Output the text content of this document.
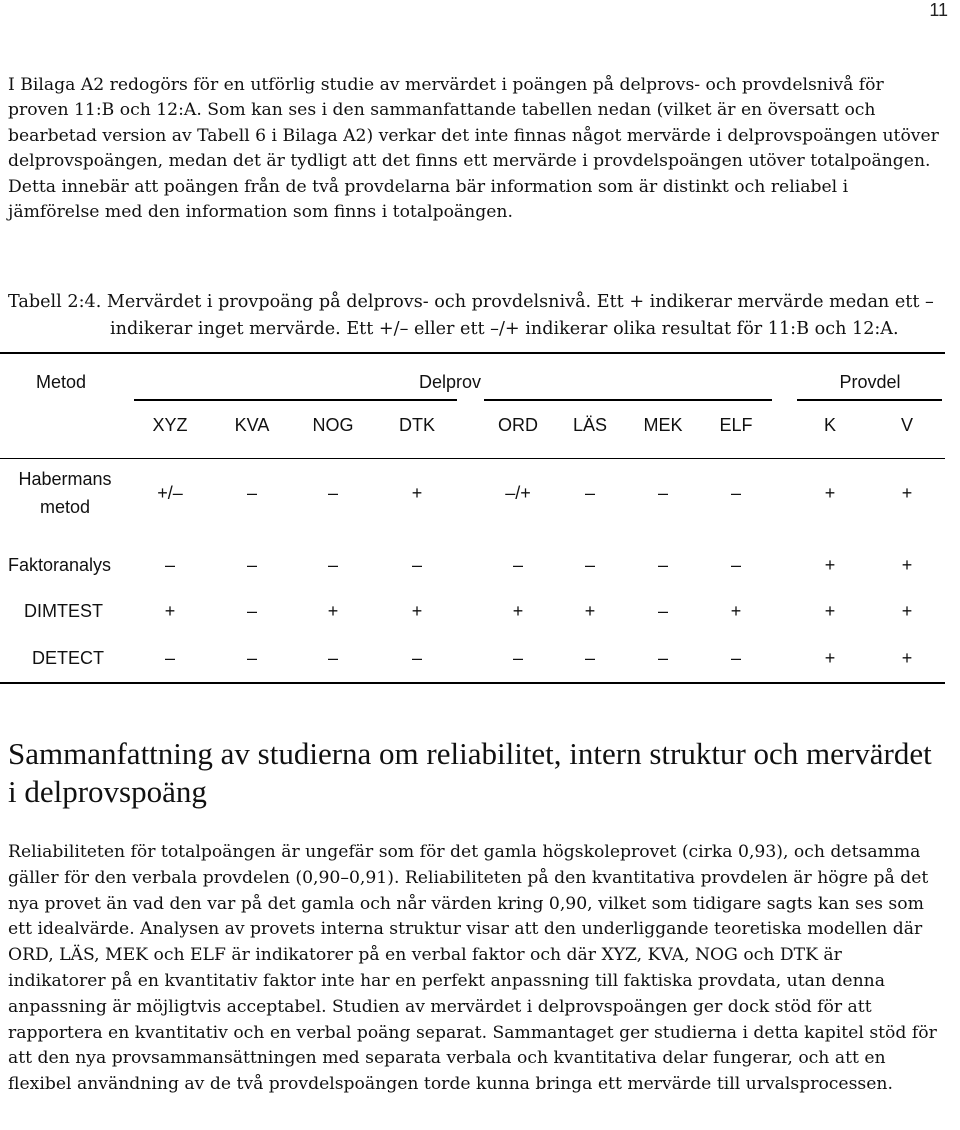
11

I Bilaga A2 redogörs för en utförlig studie av mervärdet i poängen på delprovs- och provdelsnivå för proven 11:B och 12:A. Som kan ses i den sammanfattande tabellen nedan (vilket är en översatt och bearbetad version av Tabell 6 i Bilaga A2) verkar det inte finnas något mervärde i delprovspoängen utöver delprovspoängen, medan det är tydligt att det finns ett mervärde i provdelspoängen utöver totalpoängen. Detta innebär att poängen från de två provdelarna bär information som är distinkt och reliabel i jämförelse med den information som finns i totalpoängen.

Tabell 2:4. Mervärdet i provpoäng på delprovs- och provdelsnivå. Ett + indikerar mervärde medan ett –
indikerar inget mervärde. Ett +/– eller ett –/+ indikerar olika resultat för 11:B och 12:A.
Metod	Delprov	Provdel
XYZ	KVA	NOG	DTK	ORD	LÄS	MEK	ELF	K	V
Habermans
metod
+/–	–	–	+	–/+	–	–	–	+	+
Faktoranalys	–	–	–	–	–	–	–	–	+	+
DIMTEST	+	–	+	+	+	+	–	+	+	+
DETECT	–	–	–	–	–	–	–	–	+	+
Sammanfattning av studierna om reliabilitet, intern struktur och mervärdet i delprovspoäng

Reliabiliteten för totalpoängen är ungefär som för det gamla högskoleprovet (cirka 0,93), och detsamma gäller för den verbala provdelen (0,90–0,91). Reliabiliteten på den kvantitativa provdelen är högre på det nya provet än vad den var på det gamla och når värden kring 0,90, vilket som tidigare sagts kan ses som ett idealvärde. Analysen av provets interna struktur visar att den underliggande teoretiska modellen där ORD, LÄS, MEK och ELF är indikatorer på en verbal faktor och där XYZ, KVA, NOG och DTK är indikatorer på en kvantitativ faktor inte har en perfekt anpassning till faktiska provdata, utan denna anpassning är möjligtvis acceptabel. Studien av mervärdet i delprovspoängen ger dock stöd för att rapportera en kvantitativ och en verbal poäng separat. Sammantaget ger studierna i detta kapitel stöd för att den nya provsammansättningen med separata verbala och kvantitativa delar fungerar, och att en flexibel användning av de två provdelspoängen torde kunna bringa ett mervärde till urvalsprocessen.
